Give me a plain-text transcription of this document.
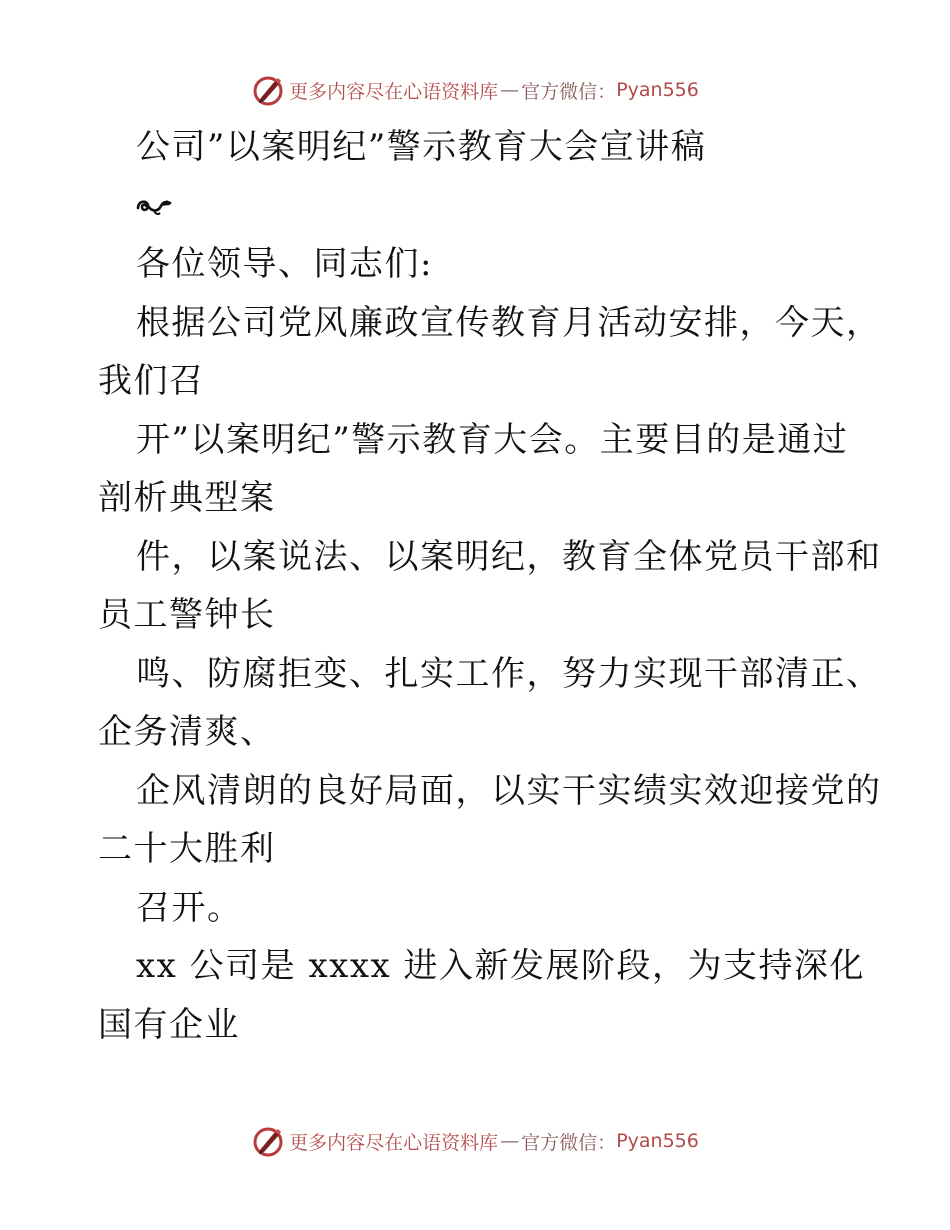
更多内容尽在心语资料库 — 官方微信： Pyan556
公司”以案明纪”警示教育大会宣讲稿
各位领导、同志们:
根据公司党风廉政宣传教育月活动安排，今天，
我们召
开”以案明纪”警示教育大会。主要目的是通过
剖析典型案
件，以案说法、以案明纪，教育全体党员干部和
员工警钟长
鸣、防腐拒变、扎实工作，努力实现干部清正、
企务清爽、
企风清朗的良好局面，以实干实绩实效迎接党的
二十大胜利
召开。
xx 公司是 xxxx 进入新发展阶段，为支持深化
国有企业
更多内容尽在心语资料库 — 官方微信： Pyan556
